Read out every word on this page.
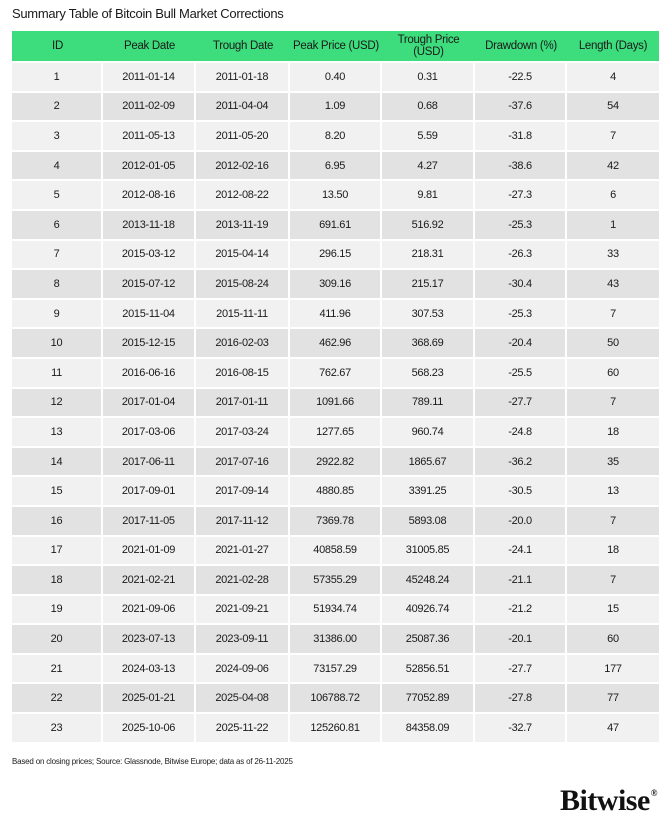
Summary Table of Bitcoin Bull Market Corrections
ID	Peak Date	Trough Date	Peak Price (USD)	Trough Price (USD)	Drawdown (%)	Length (Days)
1	2011-01-14	2011-01-18	0.40	0.31	-22.5	4
2	2011-02-09	2011-04-04	1.09	0.68	-37.6	54
3	2011-05-13	2011-05-20	8.20	5.59	-31.8	7
4	2012-01-05	2012-02-16	6.95	4.27	-38.6	42
5	2012-08-16	2012-08-22	13.50	9.81	-27.3	6
6	2013-11-18	2013-11-19	691.61	516.92	-25.3	1
7	2015-03-12	2015-04-14	296.15	218.31	-26.3	33
8	2015-07-12	2015-08-24	309.16	215.17	-30.4	43
9	2015-11-04	2015-11-11	411.96	307.53	-25.3	7
10	2015-12-15	2016-02-03	462.96	368.69	-20.4	50
11	2016-06-16	2016-08-15	762.67	568.23	-25.5	60
12	2017-01-04	2017-01-11	1091.66	789.11	-27.7	7
13	2017-03-06	2017-03-24	1277.65	960.74	-24.8	18
14	2017-06-11	2017-07-16	2922.82	1865.67	-36.2	35
15	2017-09-01	2017-09-14	4880.85	3391.25	-30.5	13
16	2017-11-05	2017-11-12	7369.78	5893.08	-20.0	7
17	2021-01-09	2021-01-27	40858.59	31005.85	-24.1	18
18	2021-02-21	2021-02-28	57355.29	45248.24	-21.1	7
19	2021-09-06	2021-09-21	51934.74	40926.74	-21.2	15
20	2023-07-13	2023-09-11	31386.00	25087.36	-20.1	60
21	2024-03-13	2024-09-06	73157.29	52856.51	-27.7	177
22	2025-01-21	2025-04-08	106788.72	77052.89	-27.8	77
23	2025-10-06	2025-11-22	125260.81	84358.09	-32.7	47
Based on closing prices; Source: Glassnode, Bitwise Europe; data as of 26-11-2025
Bitwise®
